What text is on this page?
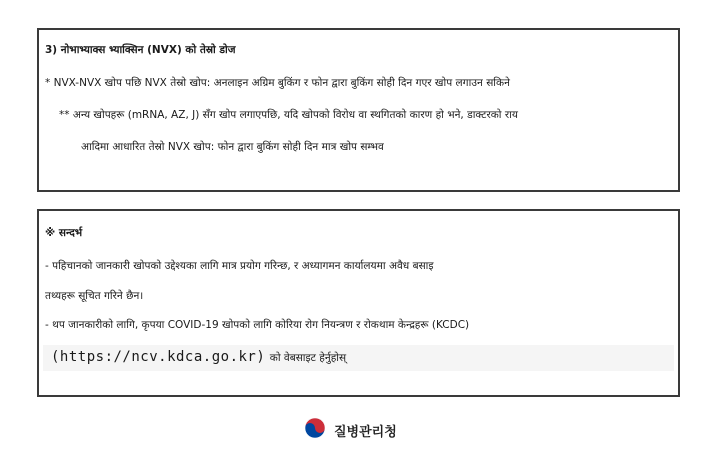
3) नोभाभ्याक्स भ्याक्सिन (NVX) को तेस्रो डोज
* NVX-NVX खोप पछि NVX तेस्रो खोप: अनलाइन अग्रिम बुकिंग र फोन द्वारा बुकिंग सोही दिन गएर खोप लगाउन सकिने
** अन्य खोपहरू (mRNA, AZ, J) सँग खोप लगाएपछि, यदि खोपको विरोध वा स्थगितको कारण हो भने, डाक्टरको राय
आदिमा आधारित तेस्रो NVX खोप: फोन द्वारा बुकिंग सोही दिन मात्र खोप सम्भव
※ सन्दर्भ
- पहिचानको जानकारी खोपको उद्देश्यका लागि मात्र प्रयोग गरिन्छ, र अध्यागमन कार्यालयमा अवैध बसाइ
तथ्यहरू सूचित गरिने छैन।
- थप जानकारीको लागि, कृपया COVID-19 खोपको लागि कोरिया रोग नियन्त्रण र रोकथाम केन्द्रहरू (KCDC)
(https://ncv.kdca.go.kr) को वेबसाइट हेर्नुहोस्
질병관리청
